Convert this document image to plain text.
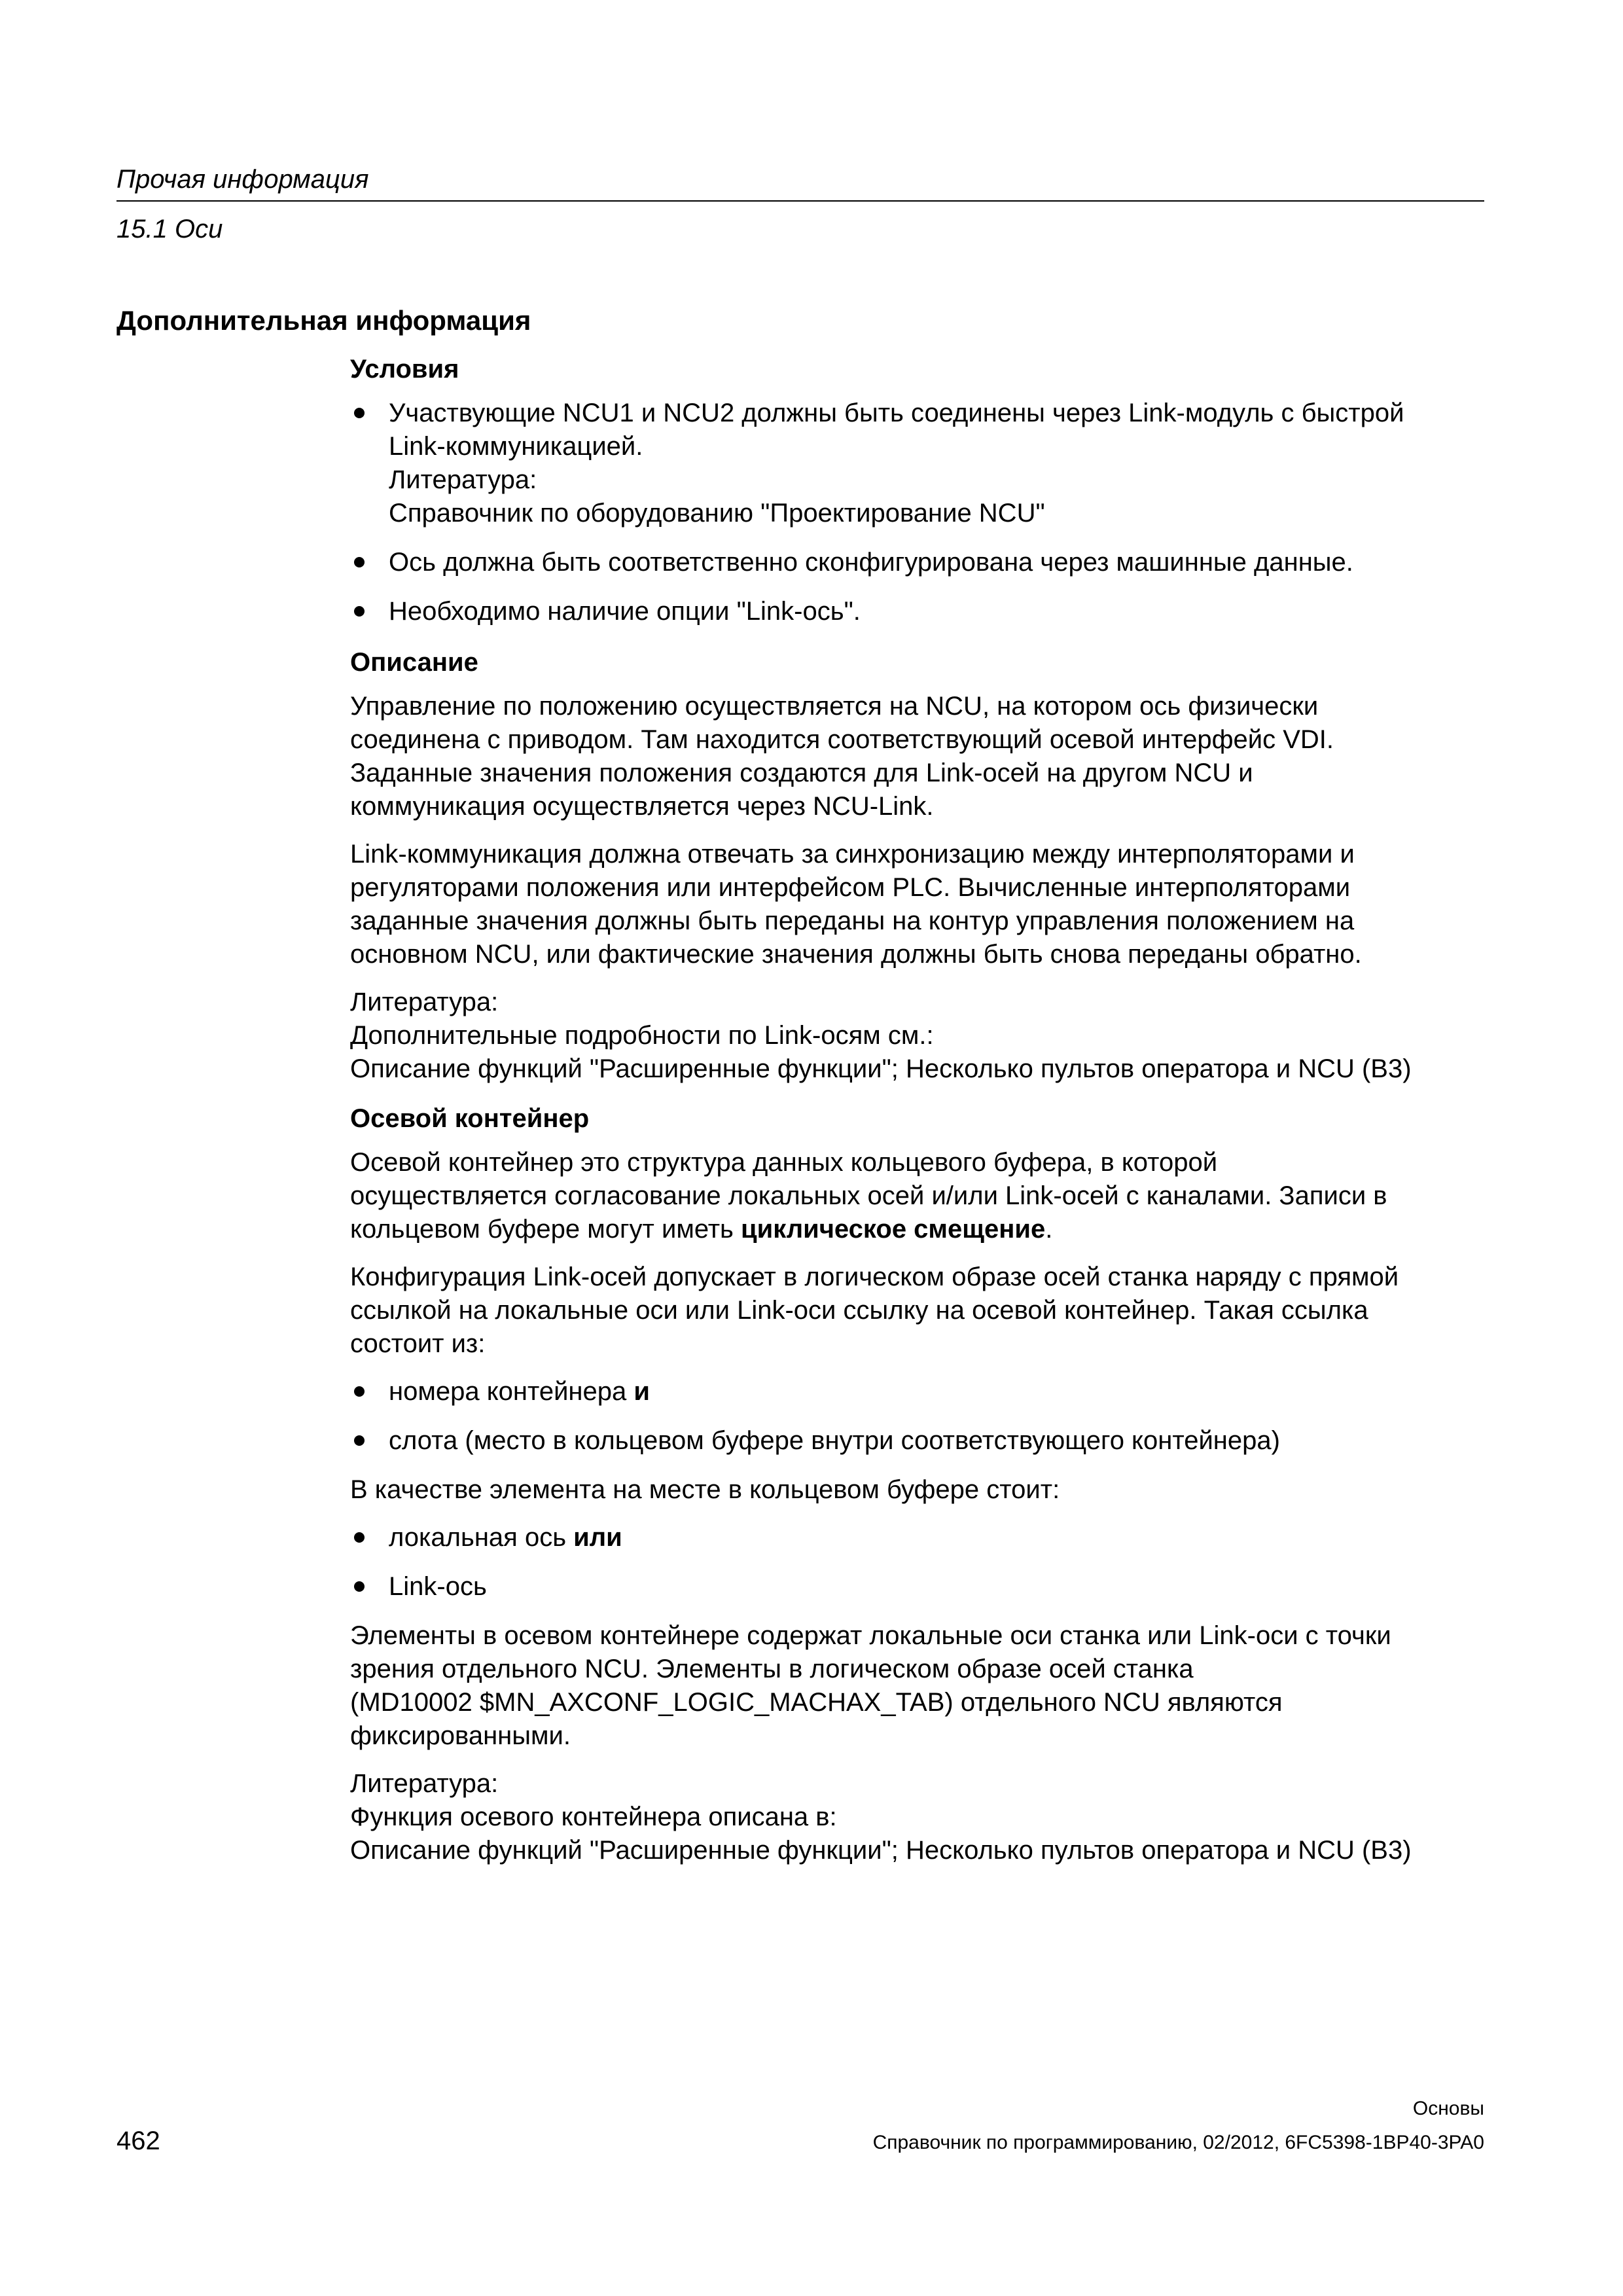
Прочая информация
15.1 Оси
Дополнительная информация
Условия
Участвующие NCU1 и NCU2 должны быть соединены через Link-модуль с быстрой
Link-коммуникацией.
Литература:
Справочник по оборудованию "Проектирование NCU"
Ось должна быть соответственно сконфигурирована через машинные данные.
Необходимо наличие опции "Link-ось".
Описание

Управление по положению осуществляется на NCU, на котором ось физически
соединена с приводом. Там находится соответствующий осевой интерфейс VDI.
Заданные значения положения создаются для Link-осей на другом NCU и
коммуникация осуществляется через NCU-Link.

Link-коммуникация должна отвечать за синхронизацию между интерполяторами и
регуляторами положения или интерфейсом PLC. Вычисленные интерполяторами
заданные значения должны быть переданы на контур управления положением на
основном NCU, или фактические значения должны быть снова переданы обратно.

Литература:
Дополнительные подробности по Link-осям см.:
Описание функций "Расширенные функции"; Несколько пультов оператора и NCU (B3)

Осевой контейнер

Осевой контейнер это структура данных кольцевого буфера, в которой
осуществляется согласование локальных осей и/или Link-осей с каналами. Записи в
кольцевом буфере могут иметь циклическое смещение.

Конфигурация Link-осей допускает в логическом образе осей станка наряду с прямой
ссылкой на локальные оси или Link-оси ссылку на осевой контейнер. Такая ссылка
состоит из:

номера контейнера и
слота (место в кольцевом буфере внутри соответствующего контейнера)

В качестве элемента на месте в кольцевом буфере стоит:

локальная ось или
Link-ось

Элементы в осевом контейнере содержат локальные оси станка или Link-оси с точки
зрения отдельного NCU. Элементы в логическом образе осей станка
(MD10002 $MN_AXCONF_LOGIC_MACHAX_TAB) отдельного NCU являются
фиксированными.

Литература:
Функция осевого контейнера описана в:
Описание функций "Расширенные функции"; Несколько пультов оператора и NCU (B3)

Основы
462	Справочник по программированию, 02/2012, 6FC5398-1BP40-3PA0
